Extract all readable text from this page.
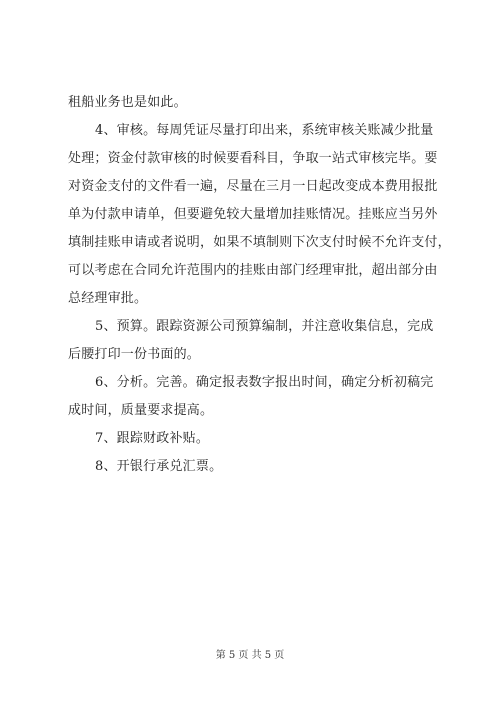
租船业务也是如此。
4、审核。每周凭证尽量打印出来，系统审核关账减少批量
处理；资金付款审核的时候要看科目，争取一站式审核完毕。要
对资金支付的文件看一遍，尽量在三月一日起改变成本费用报批
单为付款申请单，但要避免较大量增加挂账情况。挂账应当另外
填制挂账申请或者说明，如果不填制则下次支付时候不允许支付，
可以考虑在合同允许范围内的挂账由部门经理审批，超出部分由
总经理审批。
5、预算。跟踪资源公司预算编制，并注意收集信息，完成
后腰打印一份书面的。
6、分析。完善。确定报表数字报出时间，确定分析初稿完
成时间，质量要求提高。
7、跟踪财政补贴。
8、开银行承兑汇票。
第 5 页 共 5 页
